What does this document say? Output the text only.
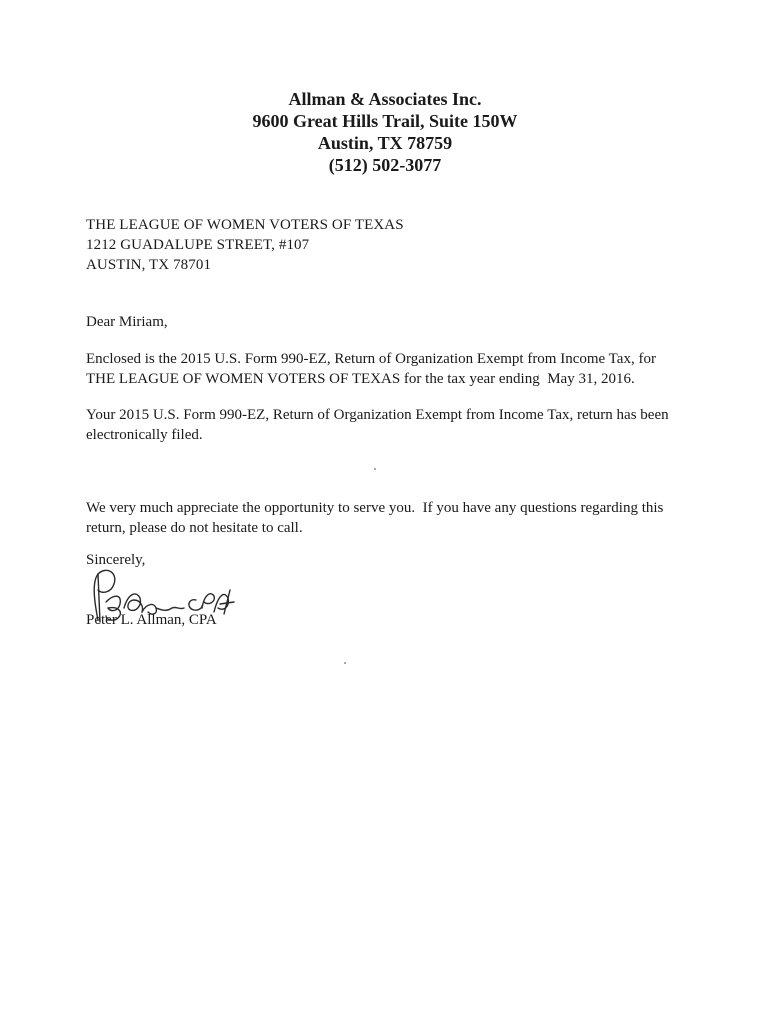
Allman & Associates Inc.
9600 Great Hills Trail, Suite 150W
Austin, TX 78759
(512) 502-3077
THE LEAGUE OF WOMEN VOTERS OF TEXAS
1212 GUADALUPE STREET, #107
AUSTIN, TX 78701
Dear Miriam,
Enclosed is the 2015 U.S. Form 990-EZ, Return of Organization Exempt from Income Tax, for
THE LEAGUE OF WOMEN VOTERS OF TEXAS for the tax year ending  May 31, 2016.
Your 2015 U.S. Form 990-EZ, Return of Organization Exempt from Income Tax, return has been
electronically filed.
We very much appreciate the opportunity to serve you.  If you have any questions regarding this
return, please do not hesitate to call.
Sincerely,
Peter L. Allman, CPA
